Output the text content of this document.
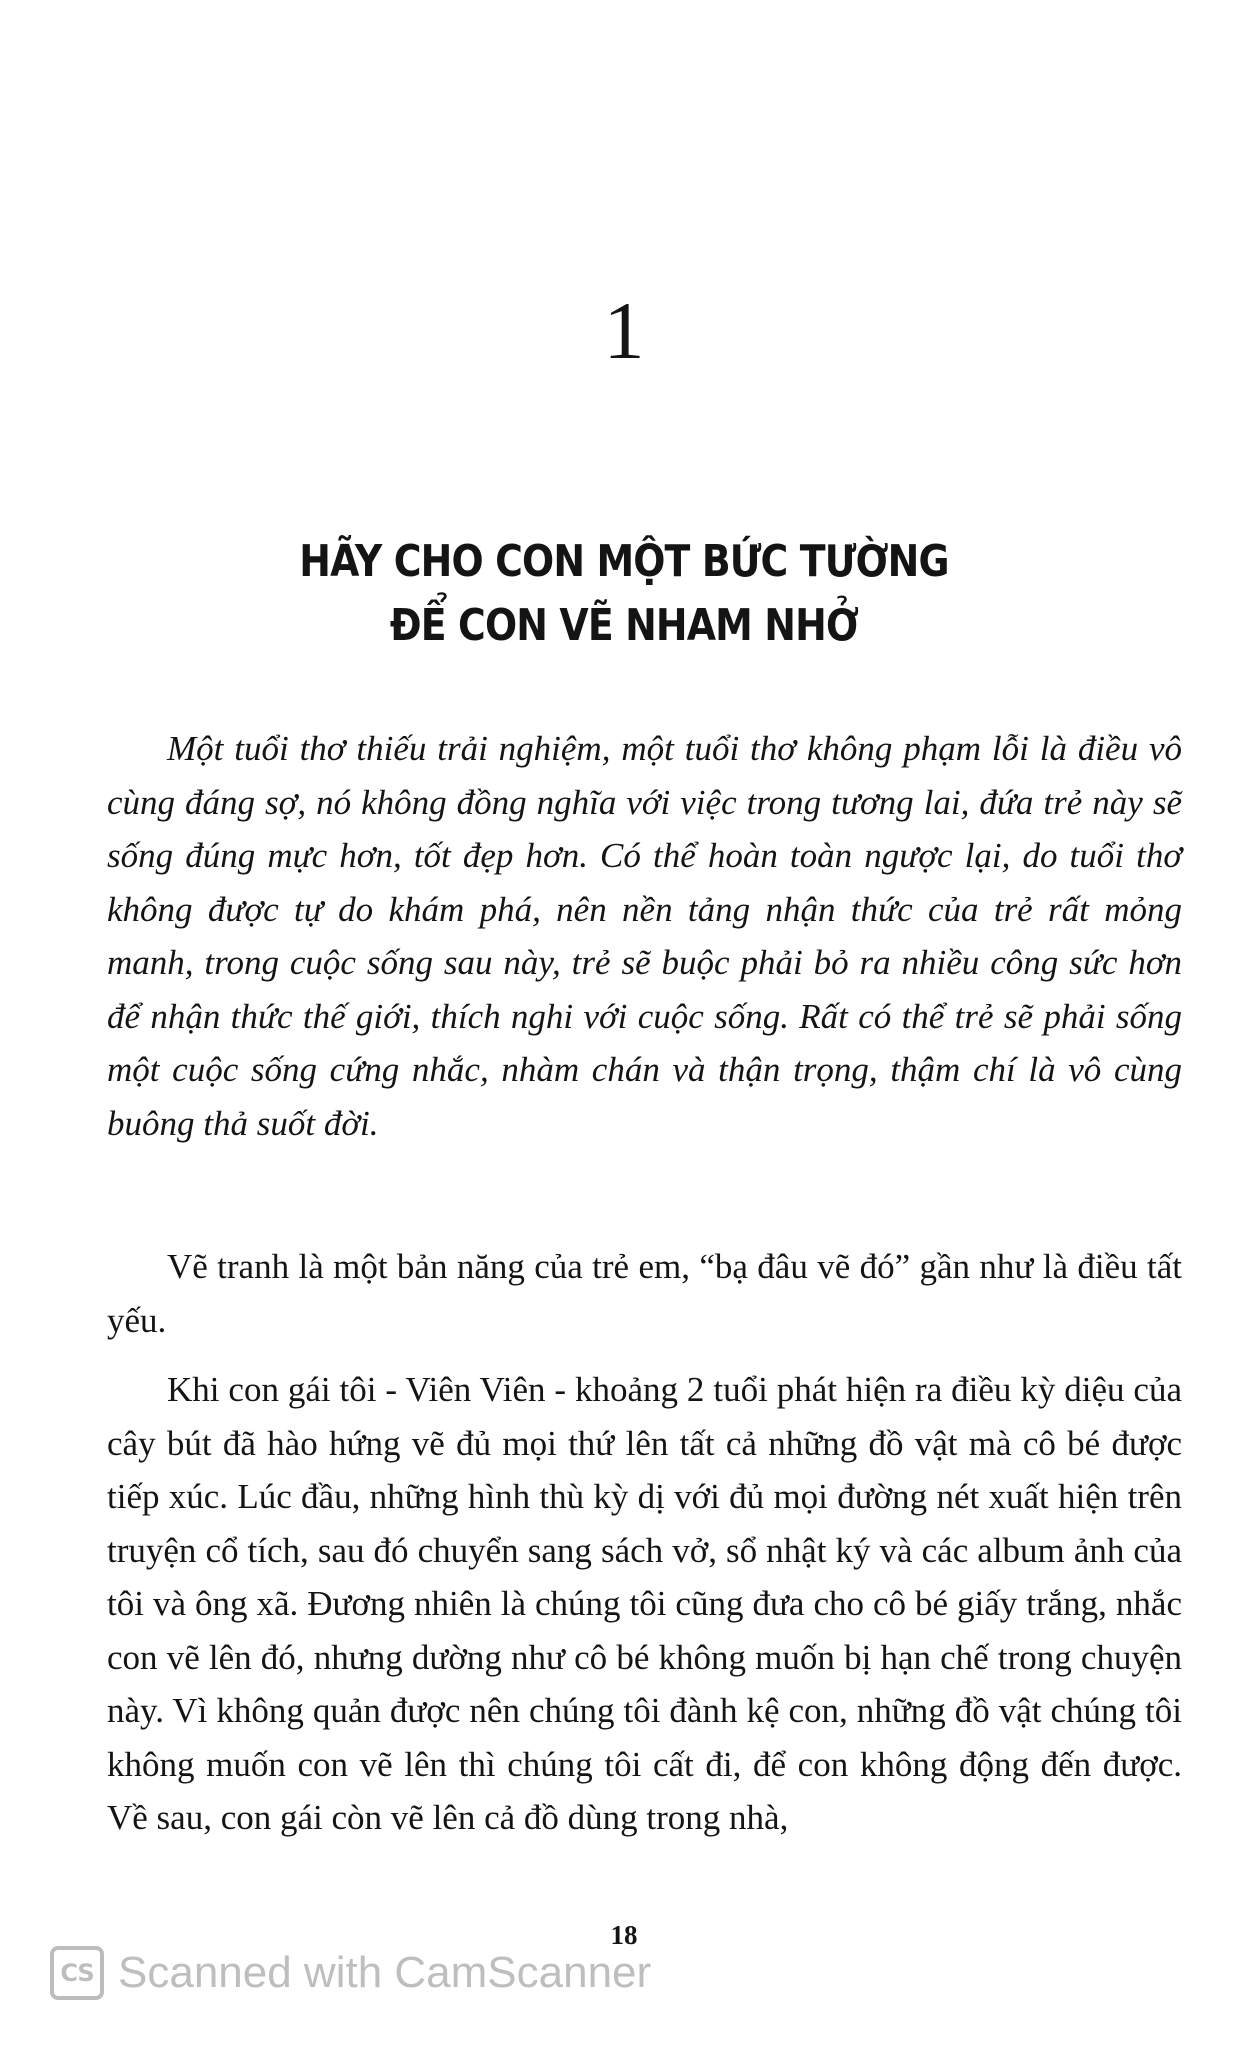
1
HÃY CHO CON MỘT BỨC TƯỜNG
ĐỂ CON VẼ NHAM NHỞ

Một tuổi thơ thiếu trải nghiệm, một tuổi thơ không phạm lỗi là điều vô cùng đáng sợ, nó không đồng nghĩa với việc trong tương lai, đứa trẻ này sẽ sống đúng mực hơn, tốt đẹp hơn. Có thể hoàn toàn ngược lại, do tuổi thơ không được tự do khám phá, nên nền tảng nhận thức của trẻ rất mỏng manh, trong cuộc sống sau này, trẻ sẽ buộc phải bỏ ra nhiều công sức hơn để nhận thức thế giới, thích nghi với cuộc sống. Rất có thể trẻ sẽ phải sống một cuộc sống cứng nhắc, nhàm chán và thận trọng, thậm chí là vô cùng buông thả suốt đời.

Vẽ tranh là một bản năng của trẻ em, “bạ đâu vẽ đó” gần như là điều tất yếu.

Khi con gái tôi - Viên Viên - khoảng 2 tuổi phát hiện ra điều kỳ diệu của cây bút đã hào hứng vẽ đủ mọi thứ lên tất cả những đồ vật mà cô bé được tiếp xúc. Lúc đầu, những hình thù kỳ dị với đủ mọi đường nét xuất hiện trên truyện cổ tích, sau đó chuyển sang sách vở, sổ nhật ký và các album ảnh của tôi và ông xã. Đương nhiên là chúng tôi cũng đưa cho cô bé giấy trắng, nhắc con vẽ lên đó, nhưng dường như cô bé không muốn bị hạn chế trong chuyện này. Vì không quản được nên chúng tôi đành kệ con, những đồ vật chúng tôi không muốn con vẽ lên thì chúng tôi cất đi, để con không động đến được. Về sau, con gái còn vẽ lên cả đồ dùng trong nhà,

18
CS Scanned with CamScanner
